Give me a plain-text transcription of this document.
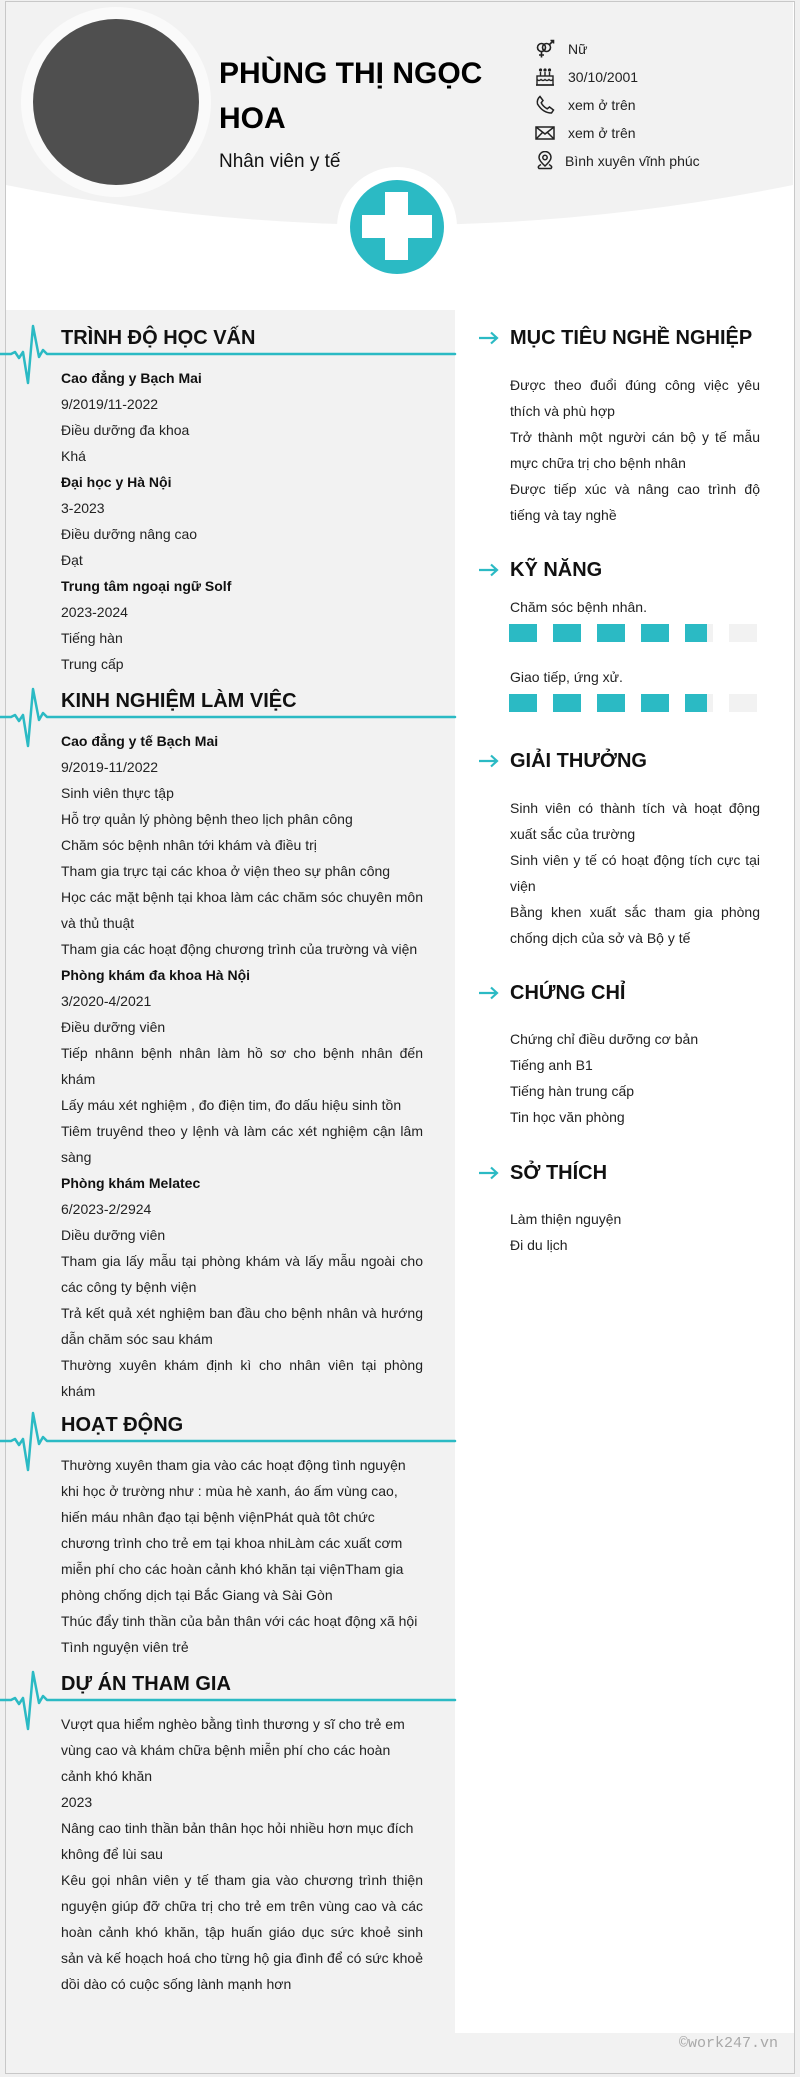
PHÙNG THỊ NGỌC HOA
Nhân viên y tế
Nữ
30/10/2001
xem ở trên
xem ở trên
Bình xuyên vĩnh phúc
©work247.vn
TRÌNH ĐỘ HỌC VẤN
Cao đẳng y Bạch Mai
9/2019/11-2022
Điều dưỡng đa khoa
Khá
Đại học y Hà Nội
3-2023
Điều dưỡng nâng cao
Đạt
Trung tâm ngoại ngữ Solf
2023-2024
Tiếng hàn
Trung cấp
KINH NGHIỆM LÀM VIỆC
Cao đẳng y tế Bạch Mai
9/2019-11/2022
Sinh viên thực tập
Hỗ trợ quản lý phòng bệnh theo lịch phân công
Chăm sóc bệnh nhân tới khám và điều trị
Tham gia trực tại các khoa ở viện theo sự phân công
Học các mặt bệnh tại khoa làm các chăm sóc chuyên môn và thủ thuật
Tham gia các hoạt động chương trình của trường và viện
Phòng khám đa khoa Hà Nội
3/2020-4/2021
Điều dưỡng viên
Tiếp nhânn bệnh nhân làm hồ sơ cho bệnh nhân đến khám
Lấy máu xét nghiệm , đo điện tim, đo dấu hiệu sinh tồn
Tiêm truyênd theo y lệnh và làm các xét nghiệm cận lâm sàng
Phòng khám Melatec
6/2023-2/2924
Diều dưỡng viên
Tham gia lấy mẫu tại phòng khám và lấy mẫu ngoài cho các công ty bệnh viện
Trả kết quả xét nghiệm ban đầu cho bệnh nhân và hướng dẫn chăm sóc sau khám
Thường xuyên khám định kì cho nhân viên tại phòng khám
HOẠT ĐỘNG
Thường xuyên tham gia vào các hoạt động tình nguyện khi học ở trường như : mùa hè xanh, áo ấm vùng cao, hiến máu nhân đạo tại bệnh việnPhát quà tôt chức chương trình cho trẻ em tại khoa nhiLàm các xuất cơm miễn phí cho các hoàn cảnh khó khăn tại việnTham gia phòng chống dịch tại Bắc Giang và Sài Gòn
Thúc đẩy tinh thần của bản thân với các hoạt động xã hội
Tình nguyện viên trẻ
DỰ ÁN THAM GIA
Vượt qua hiểm nghèo bằng tình thương y sĩ cho trẻ em vùng cao và khám chữa bệnh miễn phí cho các hoàn cảnh khó khăn
2023
Nâng cao tinh thần bản thân học hỏi nhiều hơn mục đích không để lùi sau
Kêu gọi nhân viên y tế tham gia vào chương trình thiện nguyện giúp đỡ chữa trị cho trẻ em trên vùng cao và các hoàn cảnh khó khăn, tập huấn giáo dục sức khoẻ sinh sản và kế hoạch hoá cho từng hộ gia đình để có sức khoẻ dồi dào có cuộc sống lành mạnh hơn
MỤC TIÊU NGHỀ NGHIỆP
Được theo đuổi đúng công việc yêu thích và phù hợp
Trở thành một người cán bộ y tế mẫu mực chữa trị cho bệnh nhân
Được tiếp xúc và nâng cao trình độ tiếng và tay nghề
KỸ NĂNG
Chăm sóc bệnh nhân.
Giao tiếp, ứng xử.
GIẢI THƯỞNG
Sinh viên có thành tích và hoạt động xuất sắc của trường
Sinh viên y tế có hoạt động tích cực tại viện
Bằng khen xuất sắc tham gia phòng chống dịch của sở và Bộ y tế
CHỨNG CHỈ
Chứng chỉ điều dưỡng cơ bản
Tiếng anh B1
Tiếng hàn trung cấp
Tin học văn phòng
SỞ THÍCH
Làm thiện nguyện
Đi du lịch
